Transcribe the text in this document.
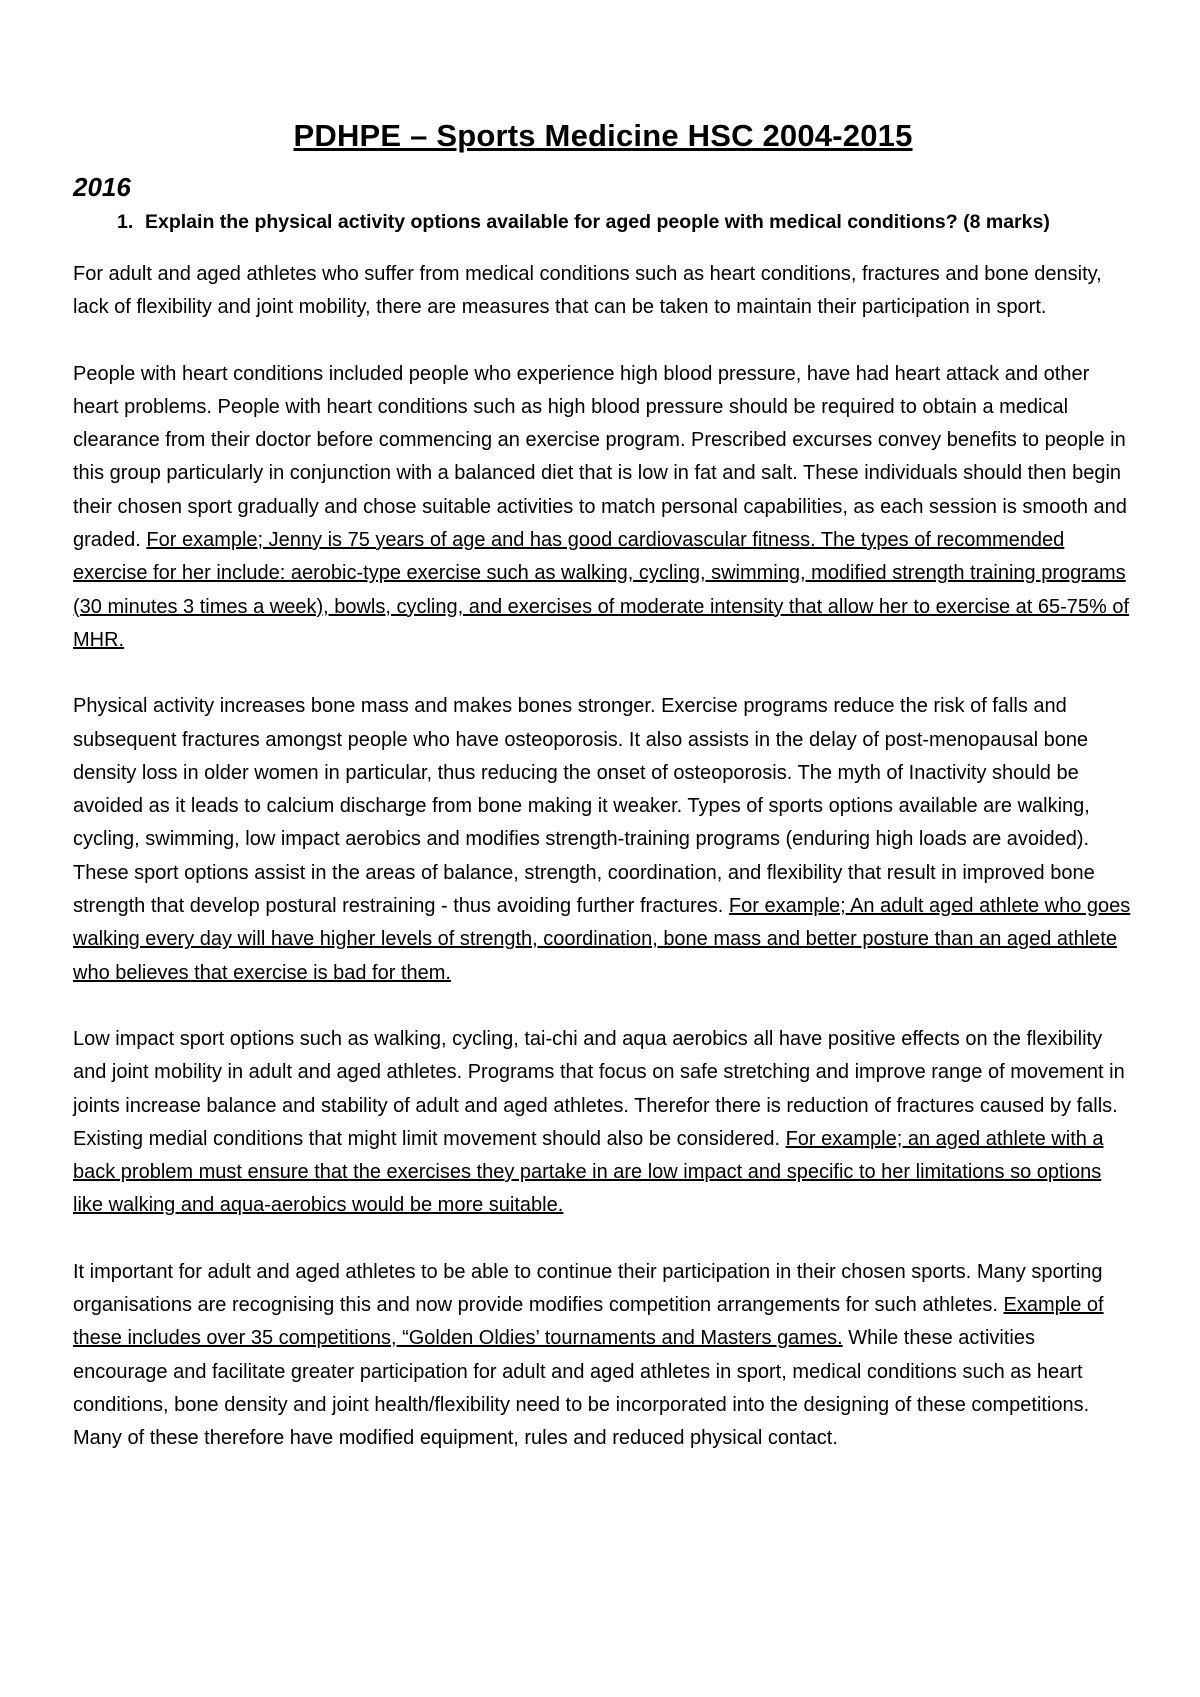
PDHPE – Sports Medicine HSC 2004-2015
2016
1. Explain the physical activity options available for aged people with medical conditions? (8 marks)

For adult and aged athletes who suffer from medical conditions such as heart conditions, fractures and bone density, lack of flexibility and joint mobility, there are measures that can be taken to maintain their participation in sport.

People with heart conditions included people who experience high blood pressure, have had heart attack and other heart problems. People with heart conditions such as high blood pressure should be required to obtain a medical clearance from their doctor before commencing an exercise program. Prescribed excurses convey benefits to people in this group particularly in conjunction with a balanced diet that is low in fat and salt. These individuals should then begin their chosen sport gradually and chose suitable activities to match personal capabilities, as each session is smooth and graded. For example; Jenny is 75 years of age and has good cardiovascular fitness. The types of recommended exercise for her include: aerobic-type exercise such as walking, cycling, swimming, modified strength training programs (30 minutes 3 times a week), bowls, cycling, and exercises of moderate intensity that allow her to exercise at 65-75% of MHR.

Physical activity increases bone mass and makes bones stronger. Exercise programs reduce the risk of falls and subsequent fractures amongst people who have osteoporosis. It also assists in the delay of post-menopausal bone density loss in older women in particular, thus reducing the onset of osteoporosis. The myth of Inactivity should be avoided as it leads to calcium discharge from bone making it weaker. Types of sports options available are walking, cycling, swimming, low impact aerobics and modifies strength-training programs (enduring high loads are avoided). These sport options assist in the areas of balance, strength, coordination, and flexibility that result in improved bone strength that develop postural restraining - thus avoiding further fractures. For example; An adult aged athlete who goes walking every day will have higher levels of strength, coordination, bone mass and better posture than an aged athlete who believes that exercise is bad for them.

Low impact sport options such as walking, cycling, tai-chi and aqua aerobics all have positive effects on the flexibility and joint mobility in adult and aged athletes. Programs that focus on safe stretching and improve range of movement in joints increase balance and stability of adult and aged athletes. Therefor there is reduction of fractures caused by falls. Existing medial conditions that might limit movement should also be considered. For example; an aged athlete with a back problem must ensure that the exercises they partake in are low impact and specific to her limitations so options like walking and aqua-aerobics would be more suitable.

It important for adult and aged athletes to be able to continue their participation in their chosen sports. Many sporting organisations are recognising this and now provide modifies competition arrangements for such athletes. Example of these includes over 35 competitions, “Golden Oldies’ tournaments and Masters games. While these activities encourage and facilitate greater participation for adult and aged athletes in sport, medical conditions such as heart conditions, bone density and joint health/flexibility need to be incorporated into the designing of these competitions. Many of these therefore have modified equipment, rules and reduced physical contact.
